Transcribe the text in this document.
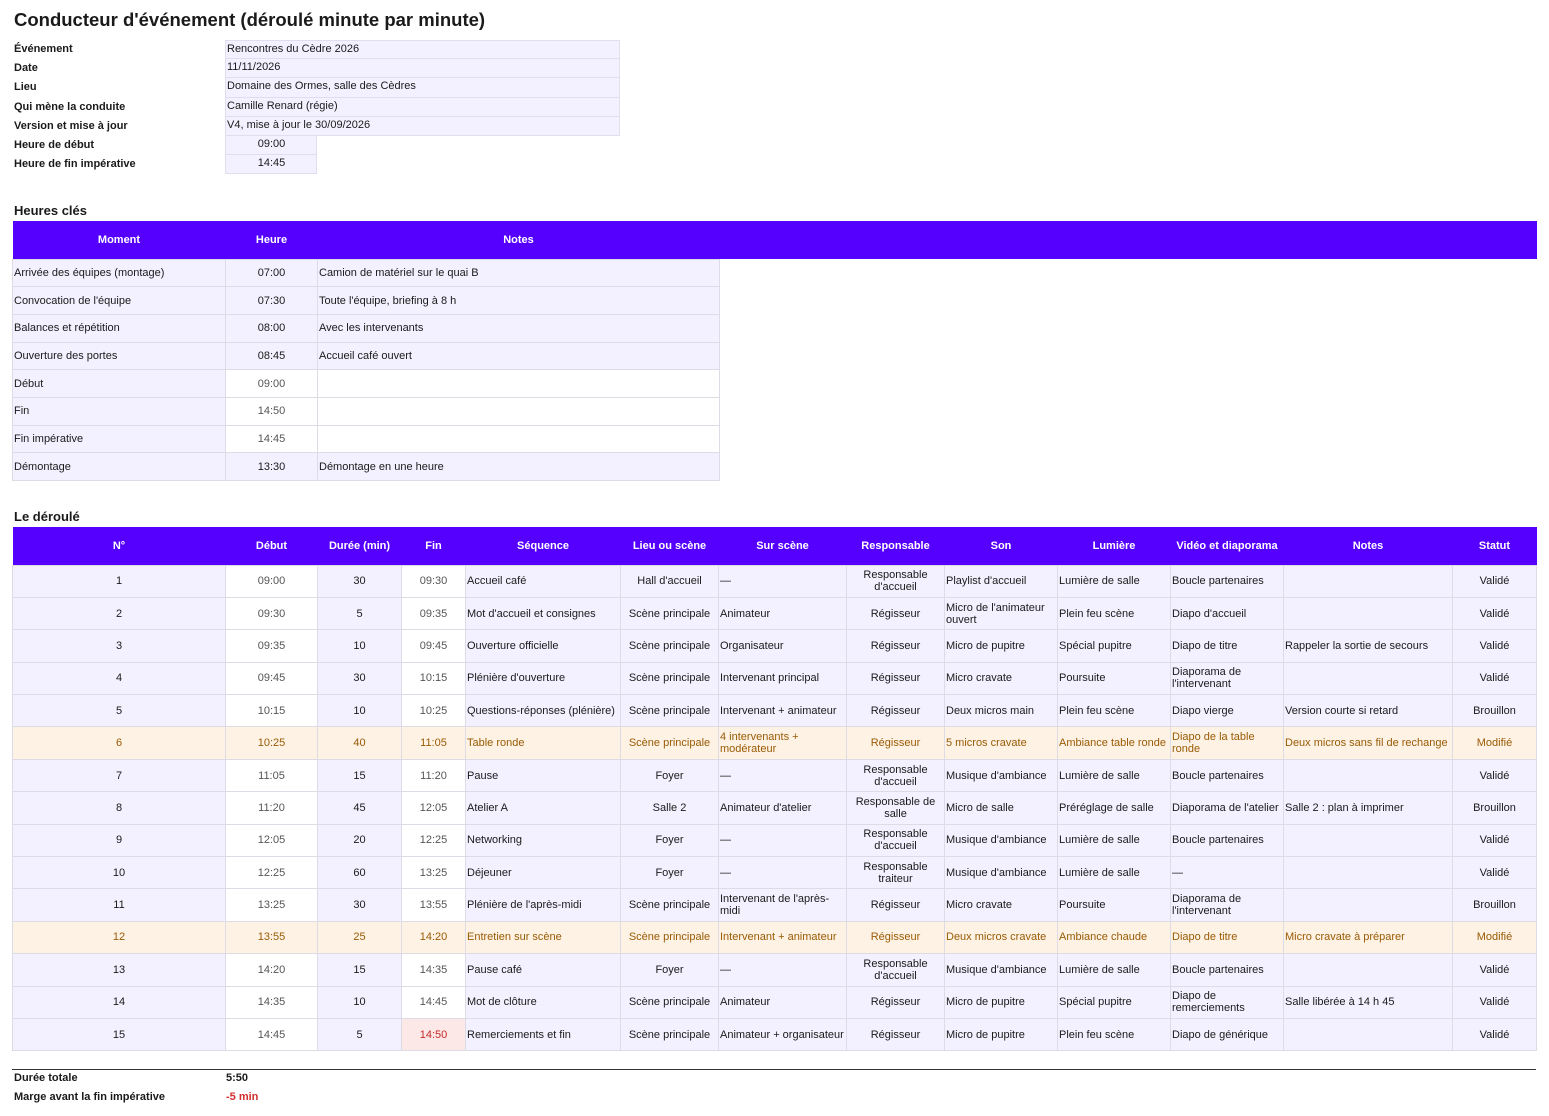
Conducteur d'événement (déroulé minute par minute)
Événement	Rencontres du Cèdre 2026
Date	11/11/2026
Lieu	Domaine des Ormes, salle des Cèdres
Qui mène la conduite	Camille Renard (régie)
Version et mise à jour	V4, mise à jour le 30/09/2026
Heure de début	09:00
Heure de fin impérative	14:45
Heures clés
Moment	Heure	Notes	
Arrivée des équipes (montage)	07:00	Camion de matériel sur le quai B	
Convocation de l'équipe	07:30	Toute l'équipe, briefing à 8 h	
Balances et répétition	08:00	Avec les intervenants	
Ouverture des portes	08:45	Accueil café ouvert	
Début	09:00		
Fin	14:50		
Fin impérative	14:45		
Démontage	13:30	Démontage en une heure	
Le déroulé
N°	Début	Durée (min)	Fin	Séquence	Lieu ou scène	Sur scène	Responsable	Son	Lumière	Vidéo et diaporama	Notes	Statut
1	09:00	30	09:30	Accueil café	Hall d'accueil	—	Responsable d'accueil	Playlist d'accueil	Lumière de salle	Boucle partenaires		Validé
2	09:30	5	09:35	Mot d'accueil et consignes	Scène principale	Animateur	Régisseur	Micro de l'animateur ouvert	Plein feu scène	Diapo d'accueil		Validé
3	09:35	10	09:45	Ouverture officielle	Scène principale	Organisateur	Régisseur	Micro de pupitre	Spécial pupitre	Diapo de titre	Rappeler la sortie de secours	Validé
4	09:45	30	10:15	Plénière d'ouverture	Scène principale	Intervenant principal	Régisseur	Micro cravate	Poursuite	Diaporama de l'intervenant		Validé
5	10:15	10	10:25	Questions-réponses (plénière)	Scène principale	Intervenant + animateur	Régisseur	Deux micros main	Plein feu scène	Diapo vierge	Version courte si retard	Brouillon
6	10:25	40	11:05	Table ronde	Scène principale	4 intervenants + modérateur	Régisseur	5 micros cravate	Ambiance table ronde	Diapo de la table ronde	Deux micros sans fil de rechange	Modifié
7	11:05	15	11:20	Pause	Foyer	—	Responsable d'accueil	Musique d'ambiance	Lumière de salle	Boucle partenaires		Validé
8	11:20	45	12:05	Atelier A	Salle 2	Animateur d'atelier	Responsable de salle	Micro de salle	Préréglage de salle	Diaporama de l'atelier	Salle 2 : plan à imprimer	Brouillon
9	12:05	20	12:25	Networking	Foyer	—	Responsable d'accueil	Musique d'ambiance	Lumière de salle	Boucle partenaires		Validé
10	12:25	60	13:25	Déjeuner	Foyer	—	Responsable traiteur	Musique d'ambiance	Lumière de salle	—		Validé
11	13:25	30	13:55	Plénière de l'après-midi	Scène principale	Intervenant de l'après-midi	Régisseur	Micro cravate	Poursuite	Diaporama de l'intervenant		Brouillon
12	13:55	25	14:20	Entretien sur scène	Scène principale	Intervenant + animateur	Régisseur	Deux micros cravate	Ambiance chaude	Diapo de titre	Micro cravate à préparer	Modifié
13	14:20	15	14:35	Pause café	Foyer	—	Responsable d'accueil	Musique d'ambiance	Lumière de salle	Boucle partenaires		Validé
14	14:35	10	14:45	Mot de clôture	Scène principale	Animateur	Régisseur	Micro de pupitre	Spécial pupitre	Diapo de remerciements	Salle libérée à 14 h 45	Validé
15	14:45	5	14:50	Remerciements et fin	Scène principale	Animateur + organisateur	Régisseur	Micro de pupitre	Plein feu scène	Diapo de générique		Validé
Durée totale	5:50
Marge avant la fin impérative	-5 min
